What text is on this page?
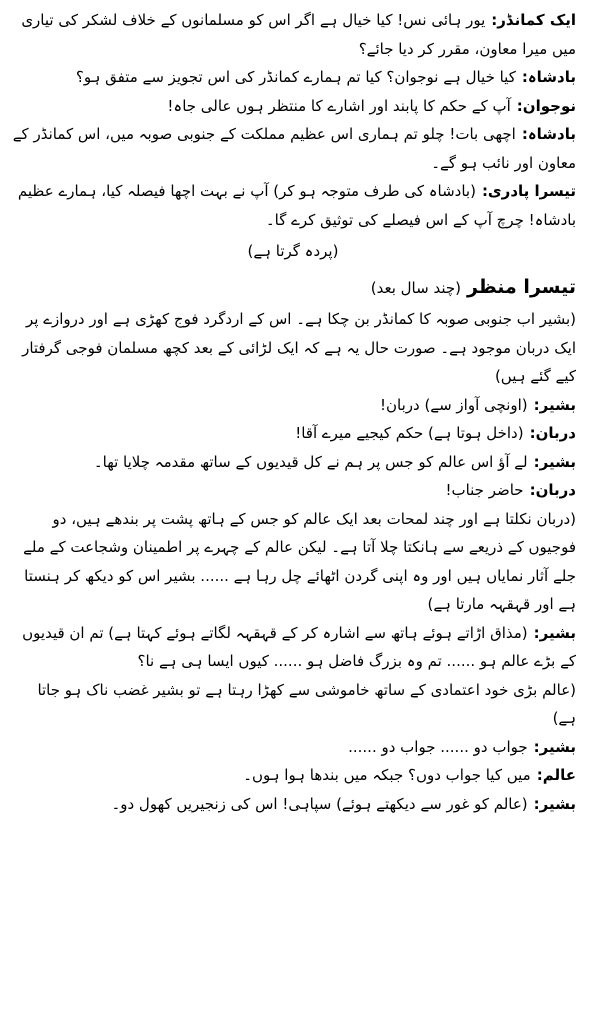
ایک کمانڈر:یور ہائی نس! کیا خیال ہے اگر اس کو مسلمانوں کے خلاف لشکر کی تیاری میں میرا معاون، مقرر کر دیا جائے؟

بادشاہ:کیا خیال ہے نوجوان؟ کیا تم ہمارے کمانڈر کی اس تجویز سے متفق ہو؟

نوجوان:آپ کے حکم کا پابند اور اشارے کا منتظر ہوں عالی جاہ!

بادشاہ:اچھی بات! چلو تم ہماری اس عظیم مملکت کے جنوبی صوبہ میں، اس کمانڈر کے معاون اور نائب ہو گے۔

تیسرا پادری:(بادشاہ کی طرف متوجہ ہو کر) آپ نے بہت اچھا فیصلہ کیا، ہمارے عظیم بادشاہ! چرچ آپ کے اس فیصلے کی توثیق کرے گا۔

(پردہ گرتا ہے)

تیسرا منظر(چند سال بعد)

(بشیر اب جنوبی صوبہ کا کمانڈر بن چکا ہے۔ اس کے اردگرد فوج کھڑی ہے اور دروازے پر ایک دربان موجود ہے۔ صورت حال یہ ہے کہ ایک لڑائی کے بعد کچھ مسلمان فوجی گرفتار کیے گئے ہیں)

بشیر:(اونچی آواز سے) دربان!

دربان:(داخل ہوتا ہے) حکم کیجیے میرے آقا!

بشیر:لے آؤ اس عالم کو جس پر ہم نے کل قیدیوں کے ساتھ مقدمہ چلایا تھا۔

دربان:حاضر جناب!

(دربان نکلتا ہے اور چند لمحات بعد ایک عالم کو جس کے ہاتھ پشت پر بندھے ہیں، دو فوجیوں کے ذریعے سے ہانکتا چلا آتا ہے۔ لیکن عالم کے چہرے پر اطمینان وشجاعت کے ملے جلے آثار نمایاں ہیں اور وہ اپنی گردن اٹھائے چل رہا ہے ...... بشیر اس کو دیکھ کر ہنستا ہے اور قہقہہ مارتا ہے)

بشیر:(مذاق اڑاتے ہوئے ہاتھ سے اشارہ کر کے قہقہہ لگاتے ہوئے کہتا ہے) تم ان قیدیوں کے بڑے عالم ہو ...... تم وہ بزرگ فاضل ہو ...... کیوں ایسا ہی ہے نا؟

(عالم بڑی خود اعتمادی کے ساتھ خاموشی سے کھڑا رہتا ہے تو بشیر غضب ناک ہو جاتا ہے)

بشیر:جواب دو ...... جواب دو ......

عالم:میں کیا جواب دوں؟ جبکہ میں بندھا ہوا ہوں۔

بشیر:(عالم کو غور سے دیکھتے ہوئے) سپاہی! اس کی زنجیریں کھول دو۔
